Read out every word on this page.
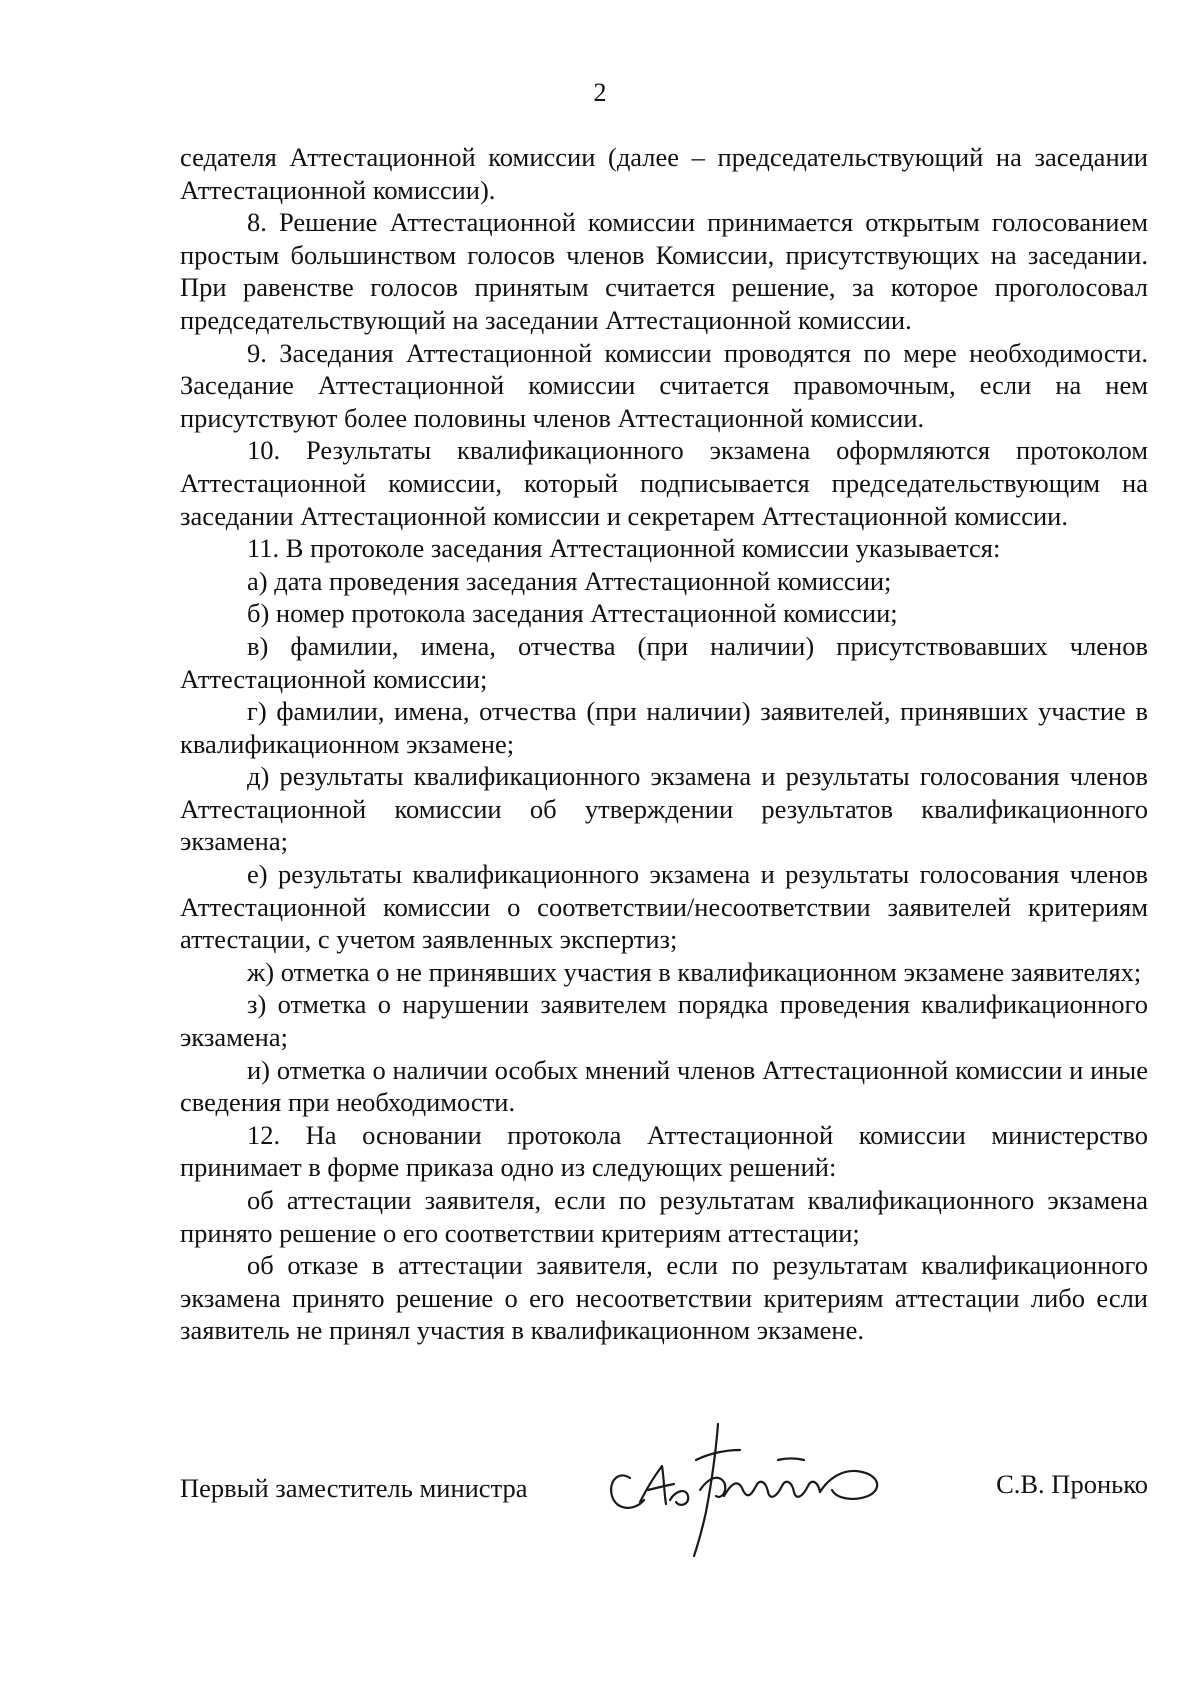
2

седателя Аттестационной комиссии (далее – председательствующий на заседании Аттестационной комиссии).

8. Решение Аттестационной комиссии принимается открытым голосованием простым большинством голосов членов Комиссии, присутствующих на заседании. При равенстве голосов принятым считается решение, за которое проголосовал председательствующий на заседании Аттестационной комиссии.

9. Заседания Аттестационной комиссии проводятся по мере необходимости. Заседание Аттестационной комиссии считается правомочным, если на нем присутствуют более половины членов Аттестационной комиссии.

10. Результаты квалификационного экзамена оформляются протоколом Аттестационной комиссии, который подписывается председательствующим на заседании Аттестационной комиссии и секретарем Аттестационной комиссии.

11. В протоколе заседания Аттестационной комиссии указывается:

а) дата проведения заседания Аттестационной комиссии;

б) номер протокола заседания Аттестационной комиссии;

в) фамилии, имена, отчества (при наличии) присутствовавших членов Аттестационной комиссии;

г) фамилии, имена, отчества (при наличии) заявителей, принявших участие в квалификационном экзамене;

д) результаты квалификационного экзамена и результаты голосования членов Аттестационной комиссии об утверждении результатов квалификационного экзамена;

е) результаты квалификационного экзамена и результаты голосования членов Аттестационной комиссии о соответствии/несоответствии заявителей критериям аттестации, с учетом заявленных экспертиз;

ж) отметка о не принявших участия в квалификационном экзамене заявителях;

з) отметка о нарушении заявителем порядка проведения квалификационного экзамена;

и) отметка о наличии особых мнений членов Аттестационной комиссии и иные сведения при необходимости.

12. На основании протокола Аттестационной комиссии министерство принимает в форме приказа одно из следующих решений:

об аттестации заявителя, если по результатам квалификационного экзамена принято решение о его соответствии критериям аттестации;

об отказе в аттестации заявителя, если по результатам квалификационного экзамена принято решение о его несоответствии критериям аттестации либо если заявитель не принял участия в квалификационном экзамене.

Первый заместитель министра	С.В. Пронько
